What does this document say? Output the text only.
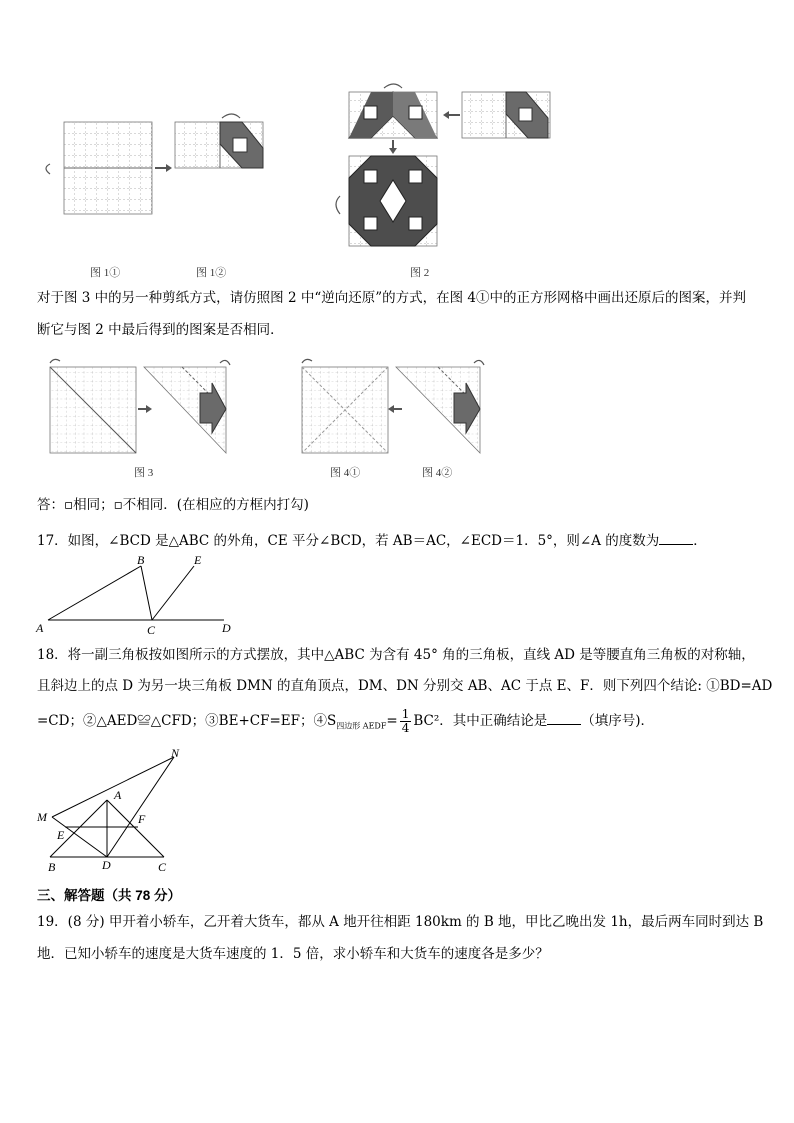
图 1①	图 1②	图 2
对于图 3 中的另一种剪纸方式，请仿照图 2 中“逆向还原”的方式，在图 4①中的正方形网格中画出还原后的图案，并判
断它与图 2 中最后得到的图案是否相同．
图 3	图 4①	图 4②
答：▫相同；▫不相同．(在相应的方框内打勾)
17．如图，∠BCD 是△ABC 的外角，CE 平分∠BCD，若 AB＝AC，∠ECD＝1．5°，则∠A 的度数为	．
B	E
A	C	D
18．将一副三角板按如图所示的方式摆放，其中△ABC 为含有 45° 角的三角板，直线 AD 是等腰直角三角板的对称轴，
且斜边上的点 D 为另一块三角板 DMN 的直角顶点，DM、DN 分别交 AB、AC 于点 E、F．则下列四个结论: ①BD=AD
=CD；②△AED≌△CFD；③BE+CF=EF；$④S_{四边形 AEDF}= \frac{1}{4} BC^2$．其中正确结论是	（填序号)．
N
A
M	F
E
B	D	C
三、解答题（共 78 分）
19．(8 分) 甲开着小轿车，乙开着大货车，都从 A 地开往相距 180km 的 B 地，甲比乙晚出发 1h，最后两车同时到达 B
地．已知小轿车的速度是大货车速度的 1．5 倍，求小轿车和大货车的速度各是多少？
